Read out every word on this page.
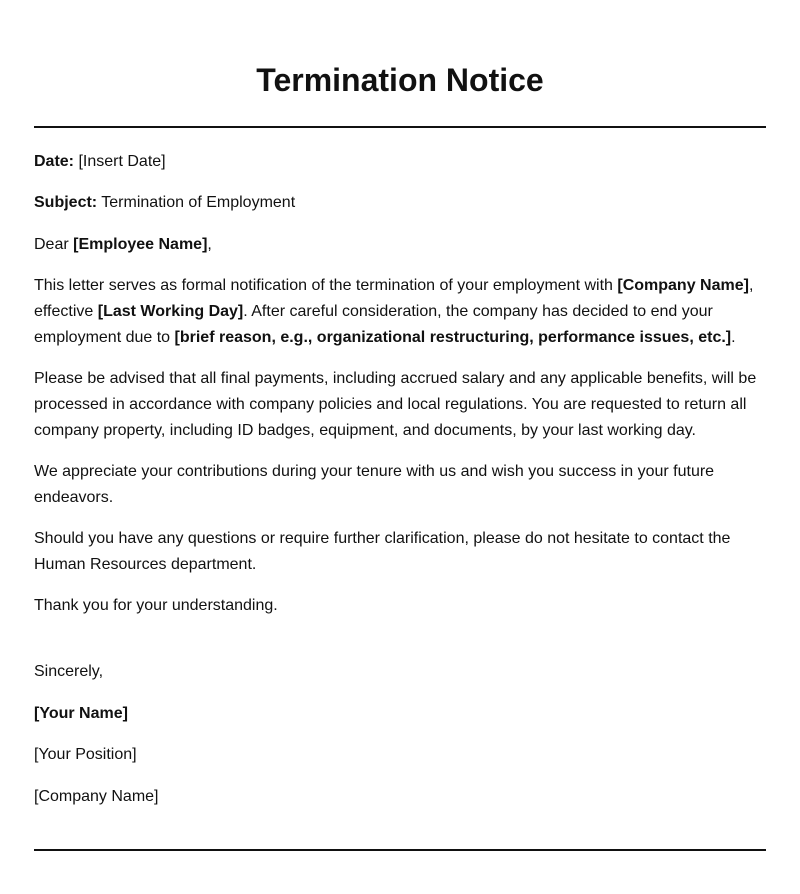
Termination Notice

Date: [Insert Date]

Subject: Termination of Employment

Dear [Employee Name],

This letter serves as formal notification of the termination of your employment with [Company Name], effective [Last Working Day]. After careful consideration, the company has decided to end your employment due to [brief reason, e.g., organizational restructuring, performance issues, etc.].

Please be advised that all final payments, including accrued salary and any applicable benefits, will be processed in accordance with company policies and local regulations. You are requested to return all company property, including ID badges, equipment, and documents, by your last working day.

We appreciate your contributions during your tenure with us and wish you success in your future endeavors.

Should you have any questions or require further clarification, please do not hesitate to contact the Human Resources department.

Thank you for your understanding.

Sincerely,

[Your Name]

[Your Position]

[Company Name]
